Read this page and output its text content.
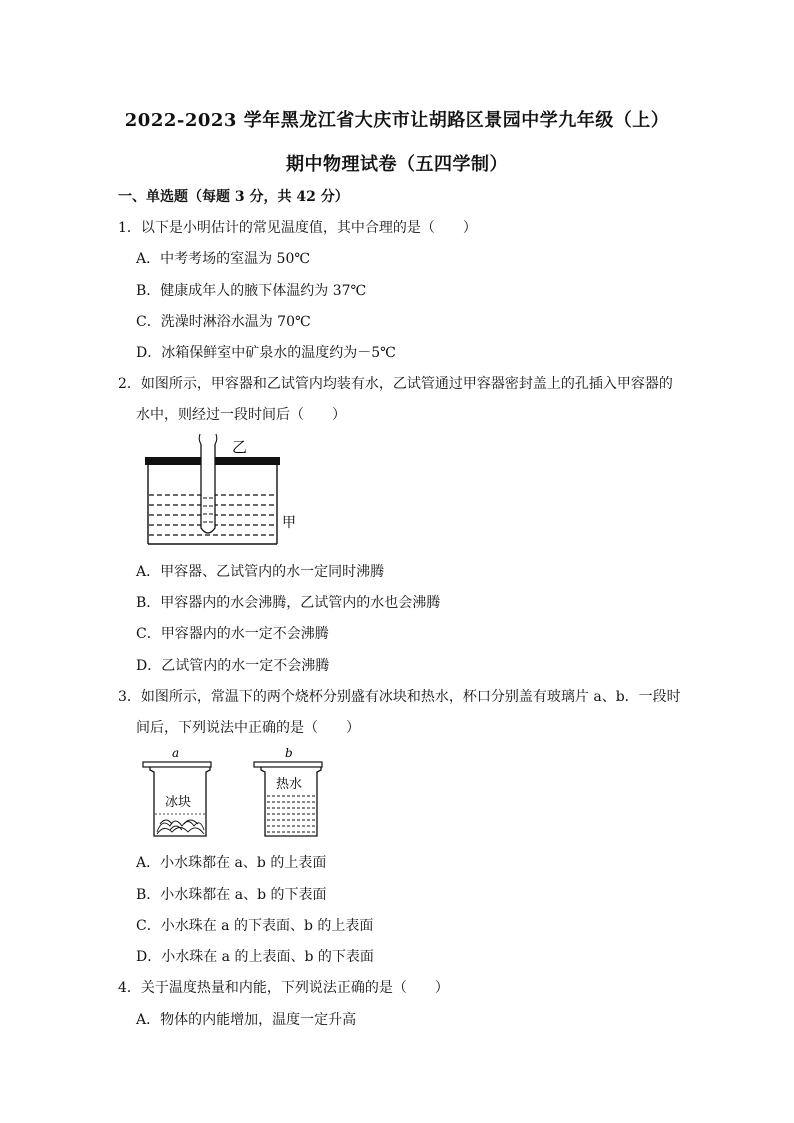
2022-2023 学年黑龙江省大庆市让胡路区景园中学九年级（上）
期中物理试卷（五四学制）
一、单选题（每题 3 分，共 42 分）
1．以下是小明估计的常见温度值，其中合理的是（　　）
A．中考考场的室温为 50℃
B．健康成年人的腋下体温约为 37℃
C．洗澡时淋浴水温为 70℃
D．冰箱保鲜室中矿泉水的温度约为－5℃
2．如图所示，甲容器和乙试管内均装有水，乙试管通过甲容器密封盖上的孔插入甲容器的
水中，则经过一段时间后（　　）
乙
甲
A．甲容器、乙试管内的水一定同时沸腾
B．甲容器内的水会沸腾，乙试管内的水也会沸腾
C．甲容器内的水一定不会沸腾
D．乙试管内的水一定不会沸腾
3．如图所示，常温下的两个烧杯分别盛有冰块和热水，杯口分别盖有玻璃片 a、b．一段时
间后，下列说法中正确的是（　　）
a
冰块
b
热水
A．小水珠都在 a、b 的上表面
B．小水珠都在 a、b 的下表面
C．小水珠在 a 的下表面、b 的上表面
D．小水珠在 a 的上表面、b 的下表面
4．关于温度热量和内能，下列说法正确的是（　　）
A．物体的内能增加，温度一定升高
